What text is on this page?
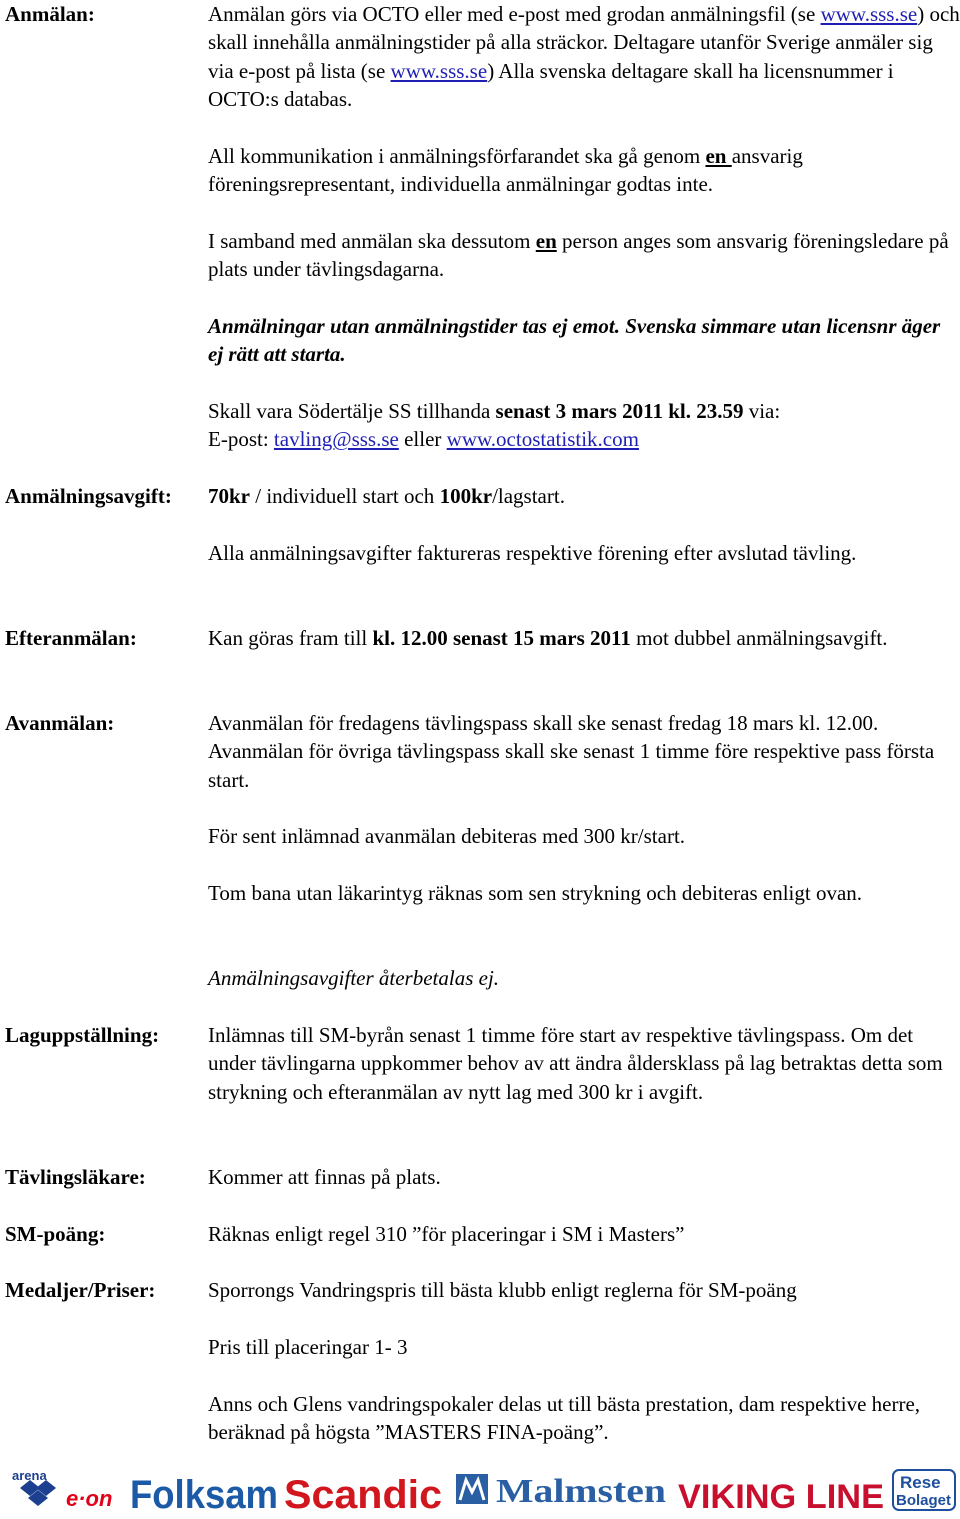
Anmälan:	Anmälan görs via OCTO eller med e-post med grodan anmälningsfil (se www.sss.se) och skall innehålla anmälningstider på alla sträckor. Deltagare utanför Sverige anmäler sig via e-post på lista (se www.sss.se) Alla svenska deltagare skall ha licensnummer i OCTO:s databas.

All kommunikation i anmälningsförfarandet ska gå genom en ansvarig föreningsrepresentant, individuella anmälningar godtas inte.

I samband med anmälan ska dessutom en person anges som ansvarig föreningsledare på plats under tävlingsdagarna.

Anmälningar utan anmälningstider tas ej emot. Svenska simmare utan licensnr äger ej rätt att starta.

Skall vara Södertälje SS tillhanda senast 3 mars 2011 kl. 23.59 via:
E-post: tavling@sss.se eller www.octostatistik.com

Anmälningsavgift: 70kr / individuell start och 100kr/lagstart.

Alla anmälningsavgifter faktureras respektive förening efter avslutad tävling.

Efteranmälan:	Kan göras fram till kl. 12.00 senast 15 mars 2011 mot dubbel anmälningsavgift.

Avanmälan:	Avanmälan för fredagens tävlingspass skall ske senast fredag 18 mars kl. 12.00. Avanmälan för övriga tävlingspass skall ske senast 1 timme före respektive pass första start.

För sent inlämnad avanmälan debiteras med 300 kr/start.

Tom bana utan läkarintyg räknas som sen strykning och debiteras enligt ovan.

Anmälningsavgifter återbetalas ej.

Laguppställning: Inlämnas till SM-byrån senast 1 timme före start av respektive tävlingspass. Om det under tävlingarna uppkommer behov av att ändra åldersklass på lag betraktas detta som strykning och efteranmälan av nytt lag med 300 kr i avgift.

Tävlingsläkare:	Kommer att finnas på plats.

SM-poäng:	Räknas enligt regel 310 ”för placeringar i SM i Masters”

Medaljer/Priser:	Sporrongs Vandringspris till bästa klubb enligt reglerna för SM-poäng

Pris till placeringar 1- 3

Anns och Glens vandringspokaler delas ut till bästa prestation, dam respektive herre, beräknad på högsta ”MASTERS FINA-poäng”.

arena
e·on Folksam Scandic Malmsten VIKING LINE Rese
Bolaget
